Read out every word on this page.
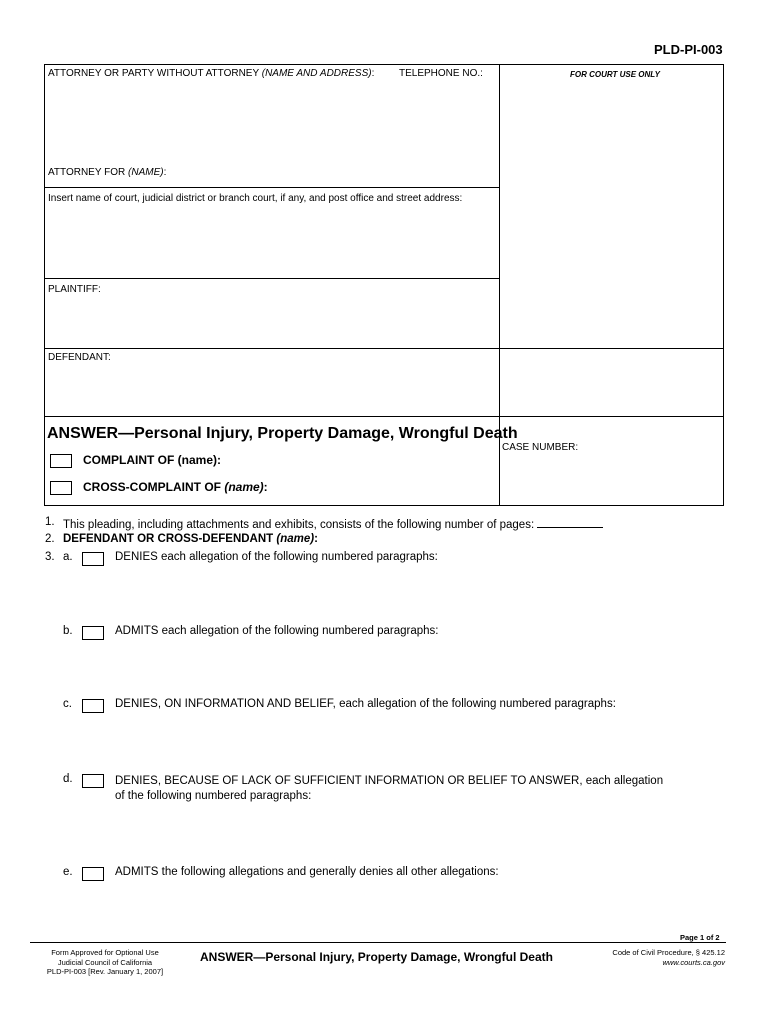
PLD-PI-003
ATTORNEY OR PARTY WITHOUT ATTORNEY (NAME AND ADDRESS): TELEPHONE NO.:	FOR COURT USE ONLY
ATTORNEY FOR (NAME):
Insert name of court, judicial district or branch court, if any, and post office and street address:
PLAINTIFF:
DEFENDANT:
ANSWER—Personal Injury, Property Damage, Wrongful Death
CASE NUMBER:
COMPLAINT OF (name):
CROSS-COMPLAINT OF (name):
1. This pleading, including attachments and exhibits, consists of the following number of pages:
2. DEFENDANT OR CROSS-DEFENDANT (name):
3. a.	DENIES each allegation of the following numbered paragraphs:
b.	ADMITS each allegation of the following numbered paragraphs:
c.	DENIES, ON INFORMATION AND BELIEF, each allegation of the following numbered paragraphs:
d.	DENIES, BECAUSE OF LACK OF SUFFICIENT INFORMATION OR BELIEF TO ANSWER, each allegation
of the following numbered paragraphs:
e.	ADMITS the following allegations and generally denies all other allegations:
Page 1 of 2
Form Approved for Optional Use
Judicial Council of California
PLD-PI-003 [Rev. January 1, 2007]
ANSWER—Personal Injury, Property Damage, Wrongful Death	Code of Civil Procedure, § 425.12
www.courts.ca.gov
